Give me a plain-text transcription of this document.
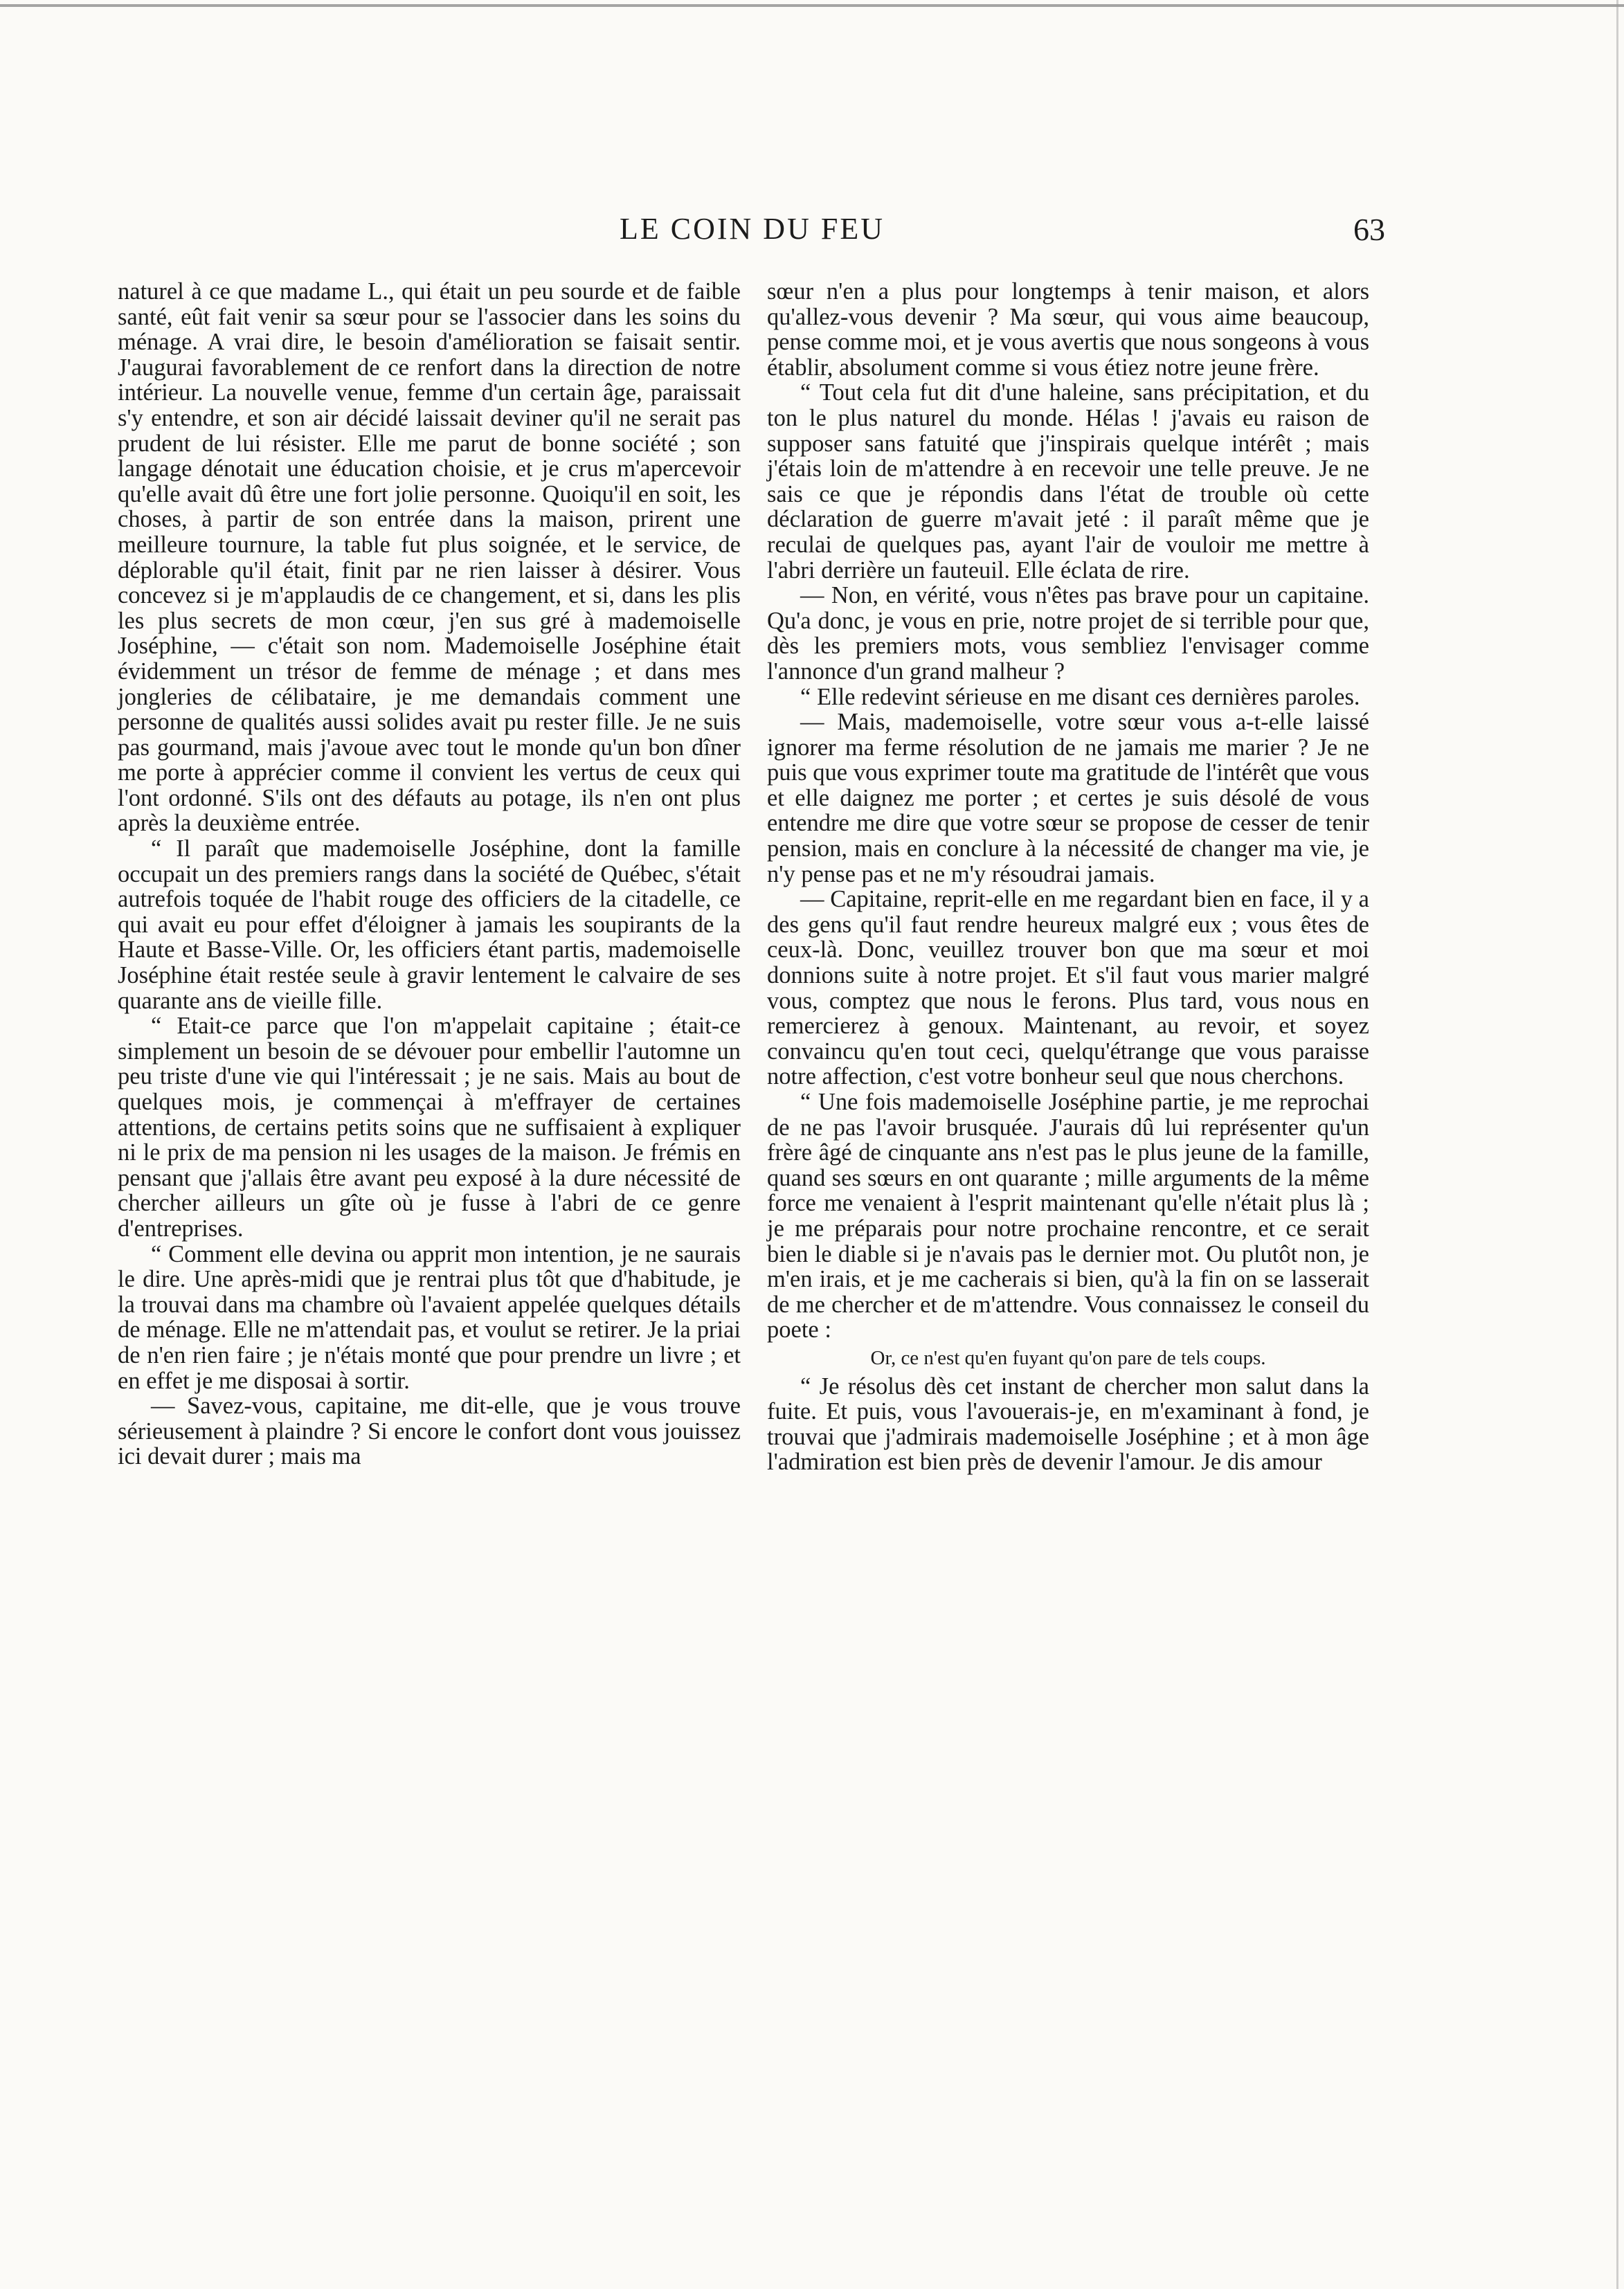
LE COIN DU FEU	63

naturel à ce que madame L., qui était un peu sourde et de faible santé, eût fait venir sa sœur pour se l'associer dans les soins du ménage. A vrai dire, le besoin d'amélioration se faisait sentir. J'augurai favorablement de ce renfort dans la direction de notre intérieur. La nouvelle venue, femme d'un certain âge, paraissait s'y entendre, et son air décidé laissait deviner qu'il ne serait pas prudent de lui résister. Elle me parut de bonne société ; son langage dénotait une éducation choisie, et je crus m'apercevoir qu'elle avait dû être une fort jolie personne. Quoiqu'il en soit, les choses, à partir de son entrée dans la maison, prirent une meilleure tournure, la table fut plus soignée, et le service, de déplorable qu'il était, finit par ne rien laisser à désirer. Vous concevez si je m'applaudis de ce changement, et si, dans les plis les plus secrets de mon cœur, j'en sus gré à mademoiselle Joséphine, — c'était son nom. Mademoiselle Joséphine était évidemment un trésor de femme de ménage ; et dans mes jongleries de célibataire, je me demandais comment une personne de qualités aussi solides avait pu rester fille. Je ne suis pas gourmand, mais j'avoue avec tout le monde qu'un bon dîner me porte à apprécier comme il convient les vertus de ceux qui l'ont ordonné. S'ils ont des défauts au potage, ils n'en ont plus après la deuxième entrée.

“ Il paraît que mademoiselle Joséphine, dont la famille occupait un des premiers rangs dans la société de Québec, s'était autrefois toquée de l'habit rouge des officiers de la citadelle, ce qui avait eu pour effet d'éloigner à jamais les soupirants de la Haute et Basse-Ville. Or, les officiers étant partis, mademoiselle Joséphine était restée seule à gravir lentement le calvaire de ses quarante ans de vieille fille.

“ Etait-ce parce que l'on m'appelait capitaine ; était-ce simplement un besoin de se dévouer pour embellir l'automne un peu triste d'une vie qui l'intéressait ; je ne sais. Mais au bout de quelques mois, je commençai à m'effrayer de certaines attentions, de certains petits soins que ne suffisaient à expliquer ni le prix de ma pension ni les usages de la maison. Je frémis en pensant que j'allais être avant peu exposé à la dure nécessité de chercher ailleurs un gîte où je fusse à l'abri de ce genre d'entreprises.

“ Comment elle devina ou apprit mon intention, je ne saurais le dire. Une après-midi que je rentrai plus tôt que d'habitude, je la trouvai dans ma chambre où l'avaient appelée quelques détails de ménage. Elle ne m'attendait pas, et voulut se retirer. Je la priai de n'en rien faire ; je n'étais monté que pour prendre un livre ; et en effet je me disposai à sortir.

— Savez-vous, capitaine, me dit-elle, que je vous trouve sérieusement à plaindre ? Si encore le confort dont vous jouissez ici devait durer ; mais ma

sœur n'en a plus pour longtemps à tenir maison, et alors qu'allez-vous devenir ? Ma sœur, qui vous aime beaucoup, pense comme moi, et je vous avertis que nous songeons à vous établir, absolument comme si vous étiez notre jeune frère.

“ Tout cela fut dit d'une haleine, sans précipitation, et du ton le plus naturel du monde. Hélas ! j'avais eu raison de supposer sans fatuité que j'inspirais quelque intérêt ; mais j'étais loin de m'attendre à en recevoir une telle preuve. Je ne sais ce que je répondis dans l'état de trouble où cette déclaration de guerre m'avait jeté : il paraît même que je reculai de quelques pas, ayant l'air de vouloir me mettre à l'abri derrière un fauteuil. Elle éclata de rire.

— Non, en vérité, vous n'êtes pas brave pour un capitaine. Qu'a donc, je vous en prie, notre projet de si terrible pour que, dès les premiers mots, vous sembliez l'envisager comme l'annonce d'un grand malheur ?

“ Elle redevint sérieuse en me disant ces dernières paroles.

— Mais, mademoiselle, votre sœur vous a-t-elle laissé ignorer ma ferme résolution de ne jamais me marier ? Je ne puis que vous exprimer toute ma gratitude de l'intérêt que vous et elle daignez me porter ; et certes je suis désolé de vous entendre me dire que votre sœur se propose de cesser de tenir pension, mais en conclure à la nécessité de changer ma vie, je n'y pense pas et ne m'y résoudrai jamais.

— Capitaine, reprit-elle en me regardant bien en face, il y a des gens qu'il faut rendre heureux malgré eux ; vous êtes de ceux-là. Donc, veuillez trouver bon que ma sœur et moi donnions suite à notre projet. Et s'il faut vous marier malgré vous, comptez que nous le ferons. Plus tard, vous nous en remercierez à genoux. Maintenant, au revoir, et soyez convaincu qu'en tout ceci, quelqu'étrange que vous paraisse notre affection, c'est votre bonheur seul que nous cherchons.

“ Une fois mademoiselle Joséphine partie, je me reprochai de ne pas l'avoir brusquée. J'aurais dû lui représenter qu'un frère âgé de cinquante ans n'est pas le plus jeune de la famille, quand ses sœurs en ont quarante ; mille arguments de la même force me venaient à l'esprit maintenant qu'elle n'était plus là ; je me préparais pour notre prochaine rencontre, et ce serait bien le diable si je n'avais pas le dernier mot. Ou plutôt non, je m'en irais, et je me cacherais si bien, qu'à la fin on se lasserait de me chercher et de m'attendre. Vous connaissez le conseil du poete :

Or, ce n'est qu'en fuyant qu'on pare de tels coups.

“ Je résolus dès cet instant de chercher mon salut dans la fuite. Et puis, vous l'avouerais-je, en m'examinant à fond, je trouvai que j'admirais mademoiselle Joséphine ; et à mon âge l'admiration est bien près de devenir l'amour. Je dis amour
